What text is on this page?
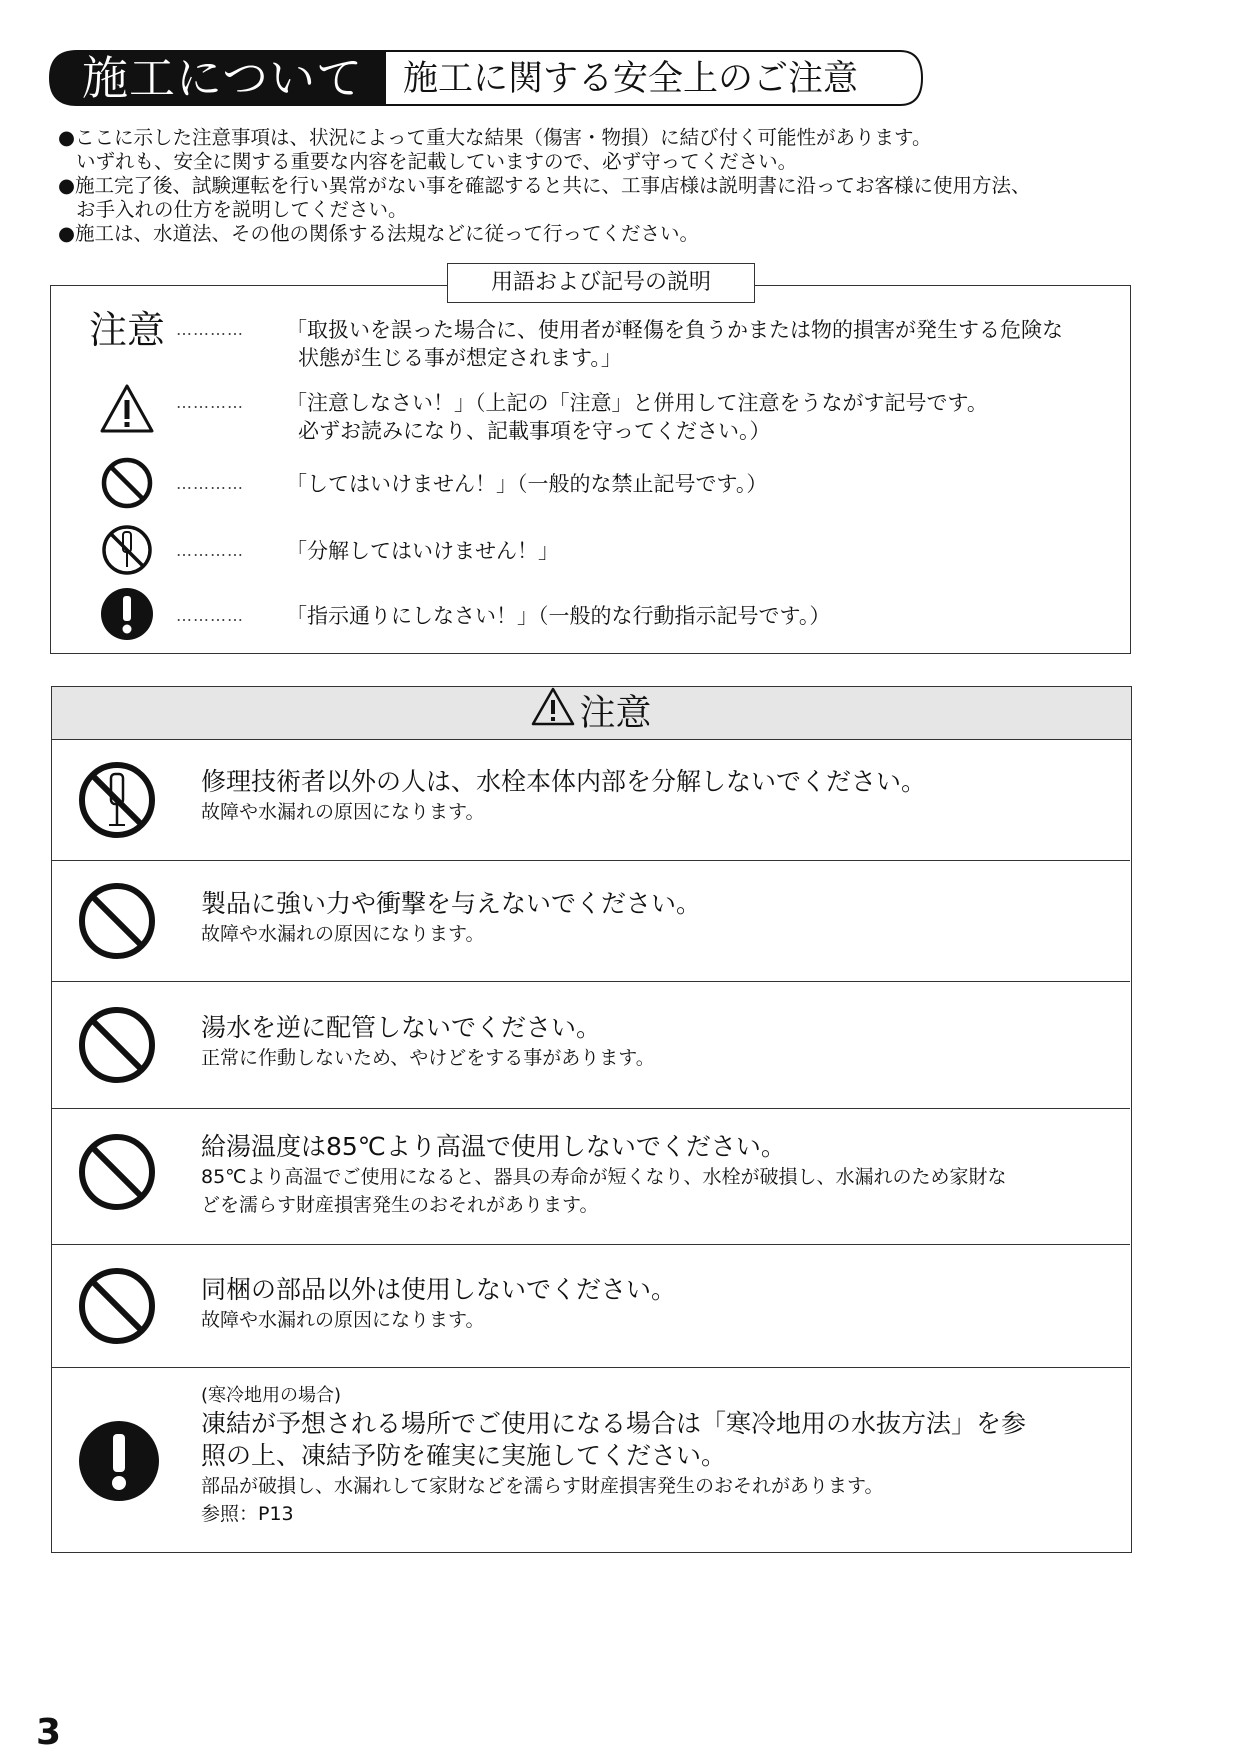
施工について 施工に関する安全上のご注意
●ここに示した注意事項は、状況によって重大な結果（傷害・物損）に結び付く可能性があります。
いずれも、安全に関する重要な内容を記載していますので、必ず守ってください。
●施工完了後、試験運転を行い異常がない事を確認すると共に、工事店様は説明書に沿ってお客様に使用方法、
お手入れの仕方を説明してください。
●施工は、水道法、その他の関係する法規などに従って行ってください。
注意 ………… 「取扱いを誤った場合に、使用者が軽傷を負うかまたは物的損害が発生する危険な
状態が生じる事が想定されます。」
………… 「注意しなさい！」（上記の「注意」と併用して注意をうながす記号です。
必ずお読みになり、記載事項を守ってください。）
………… 「してはいけません！」（一般的な禁止記号です。）
………… 「分解してはいけません！」
………… 「指示通りにしなさい！」（一般的な行動指示記号です。）
用語および記号の説明
注意
修理技術者以外の人は、水栓本体内部を分解しないでください。
故障や水漏れの原因になります。
製品に強い力や衝撃を与えないでください。
故障や水漏れの原因になります。
湯水を逆に配管しないでください。
正常に作動しないため、やけどをする事があります。
給湯温度は85℃より高温で使用しないでください。
85℃より高温でご使用になると、器具の寿命が短くなり、水栓が破損し、水漏れのため家財な
どを濡らす財産損害発生のおそれがあります。
同梱の部品以外は使用しないでください。
故障や水漏れの原因になります。
(寒冷地用の場合)
凍結が予想される場所でご使用になる場合は「寒冷地用の水抜方法」を参
照の上、凍結予防を確実に実施してください。
部品が破損し、水漏れして家財などを濡らす財産損害発生のおそれがあります。
参照：P13
3
